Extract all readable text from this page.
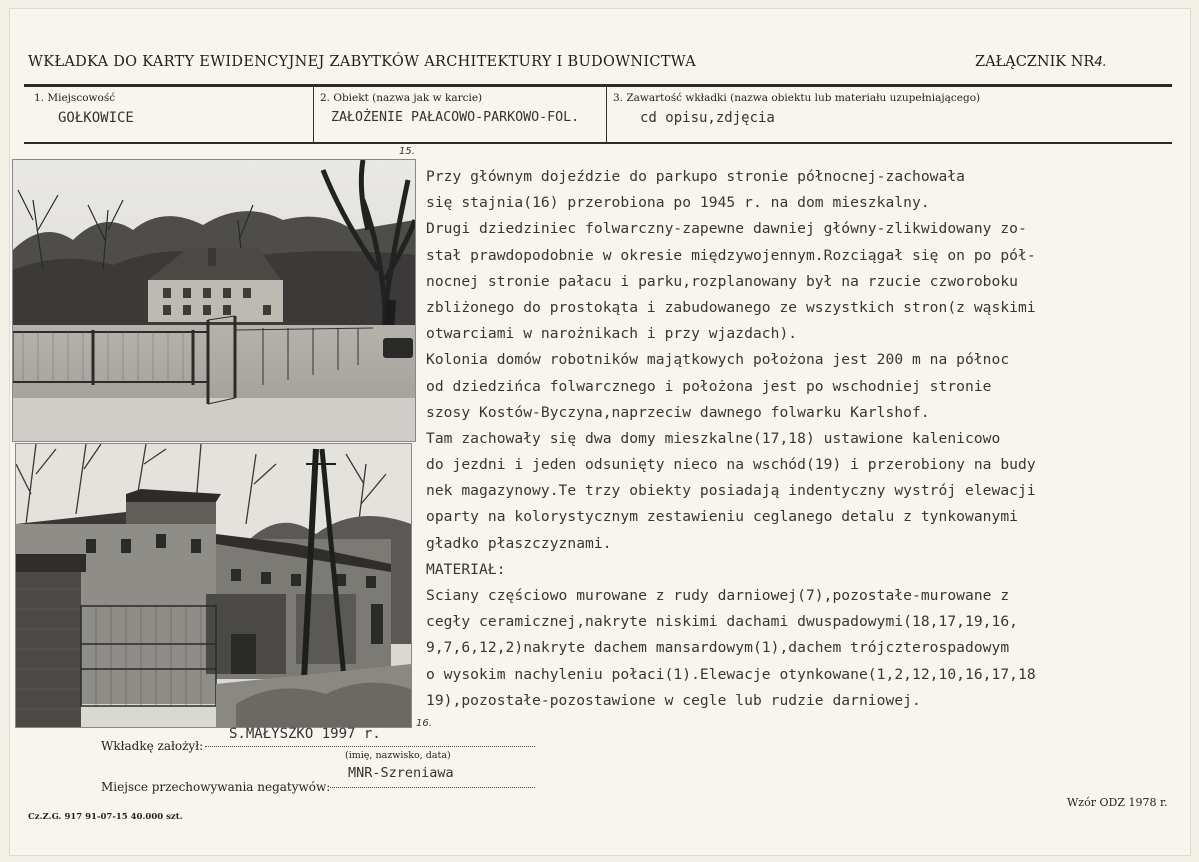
WKŁADKA DO KARTY EWIDENCYJNEJ ZABYTKÓW ARCHITEKTURY I BUDOWNICTWA	ZAŁĄCZNIK NR4.
1. Miejscowość
GOŁKOWICE
2. Obiekt (nazwa jak w karcie)
ZAŁOŻENIE PAŁACOWO-PARKOWO-FOL.
3. Zawartość wkładki (nazwa obiektu lub materiału uzupełniającego)
cd opisu,zdjęcia
15.
16.
Przy głównym dojeździe do parkupo stronie północnej-zachowała
się stajnia(16) przerobiona po 1945 r. na dom mieszkalny.
Drugi dziedziniec folwarczny-zapewne dawniej główny-zlikwidowany zo-
stał prawdopodobnie w okresie międzywojennym.Rozciągał się on po pół-
nocnej stronie pałacu i parku,rozplanowany był na rzucie czworoboku
zbliżonego do prostokąta i zabudowanego ze wszystkich stron(z wąskimi
otwarciami w narożnikach i przy wjazdach).
Kolonia domów robotników majątkowych położona jest 200 m na północ
od dziedzińca folwarcznego i położona jest po wschodniej stronie
szosy Kostów-Byczyna,naprzeciw dawnego folwarku Karlshof.
Tam zachowały się dwa domy mieszkalne(17,18) ustawione kalenicowo
do jezdni i jeden odsunięty nieco na wschód(19) i przerobiony na budy
nek magazynowy.Te trzy obiekty posiadają indentyczny wystrój elewacji
oparty na kolorystycznym zestawieniu ceglanego detalu z tynkowanymi
gładko płaszczyznami.
MATERIAŁ:
Sciany częściowo murowane z rudy darniowej(7),pozostałe-murowane z
cegły ceramicznej,nakryte niskimi dachami dwuspadowymi(18,17,19,16,
9,7,6,12,2)nakryte dachem mansardowym(1),dachem trójczterospadowym
o wysokim nachyleniu połaci(1).Elewacje otynkowane(1,2,12,10,16,17,18
19),pozostałe-pozostawione w cegle lub rudzie darniowej.
Wkładkę założył:
S.MAŁYSZKO 1997 r.
(imię, nazwisko, data)
Miejsce przechowywania negatywów:
MNR-Szreniawa
Cz.Z.G. 917 91-07-15 40.000 szt.
Wzór ODZ 1978 r.
